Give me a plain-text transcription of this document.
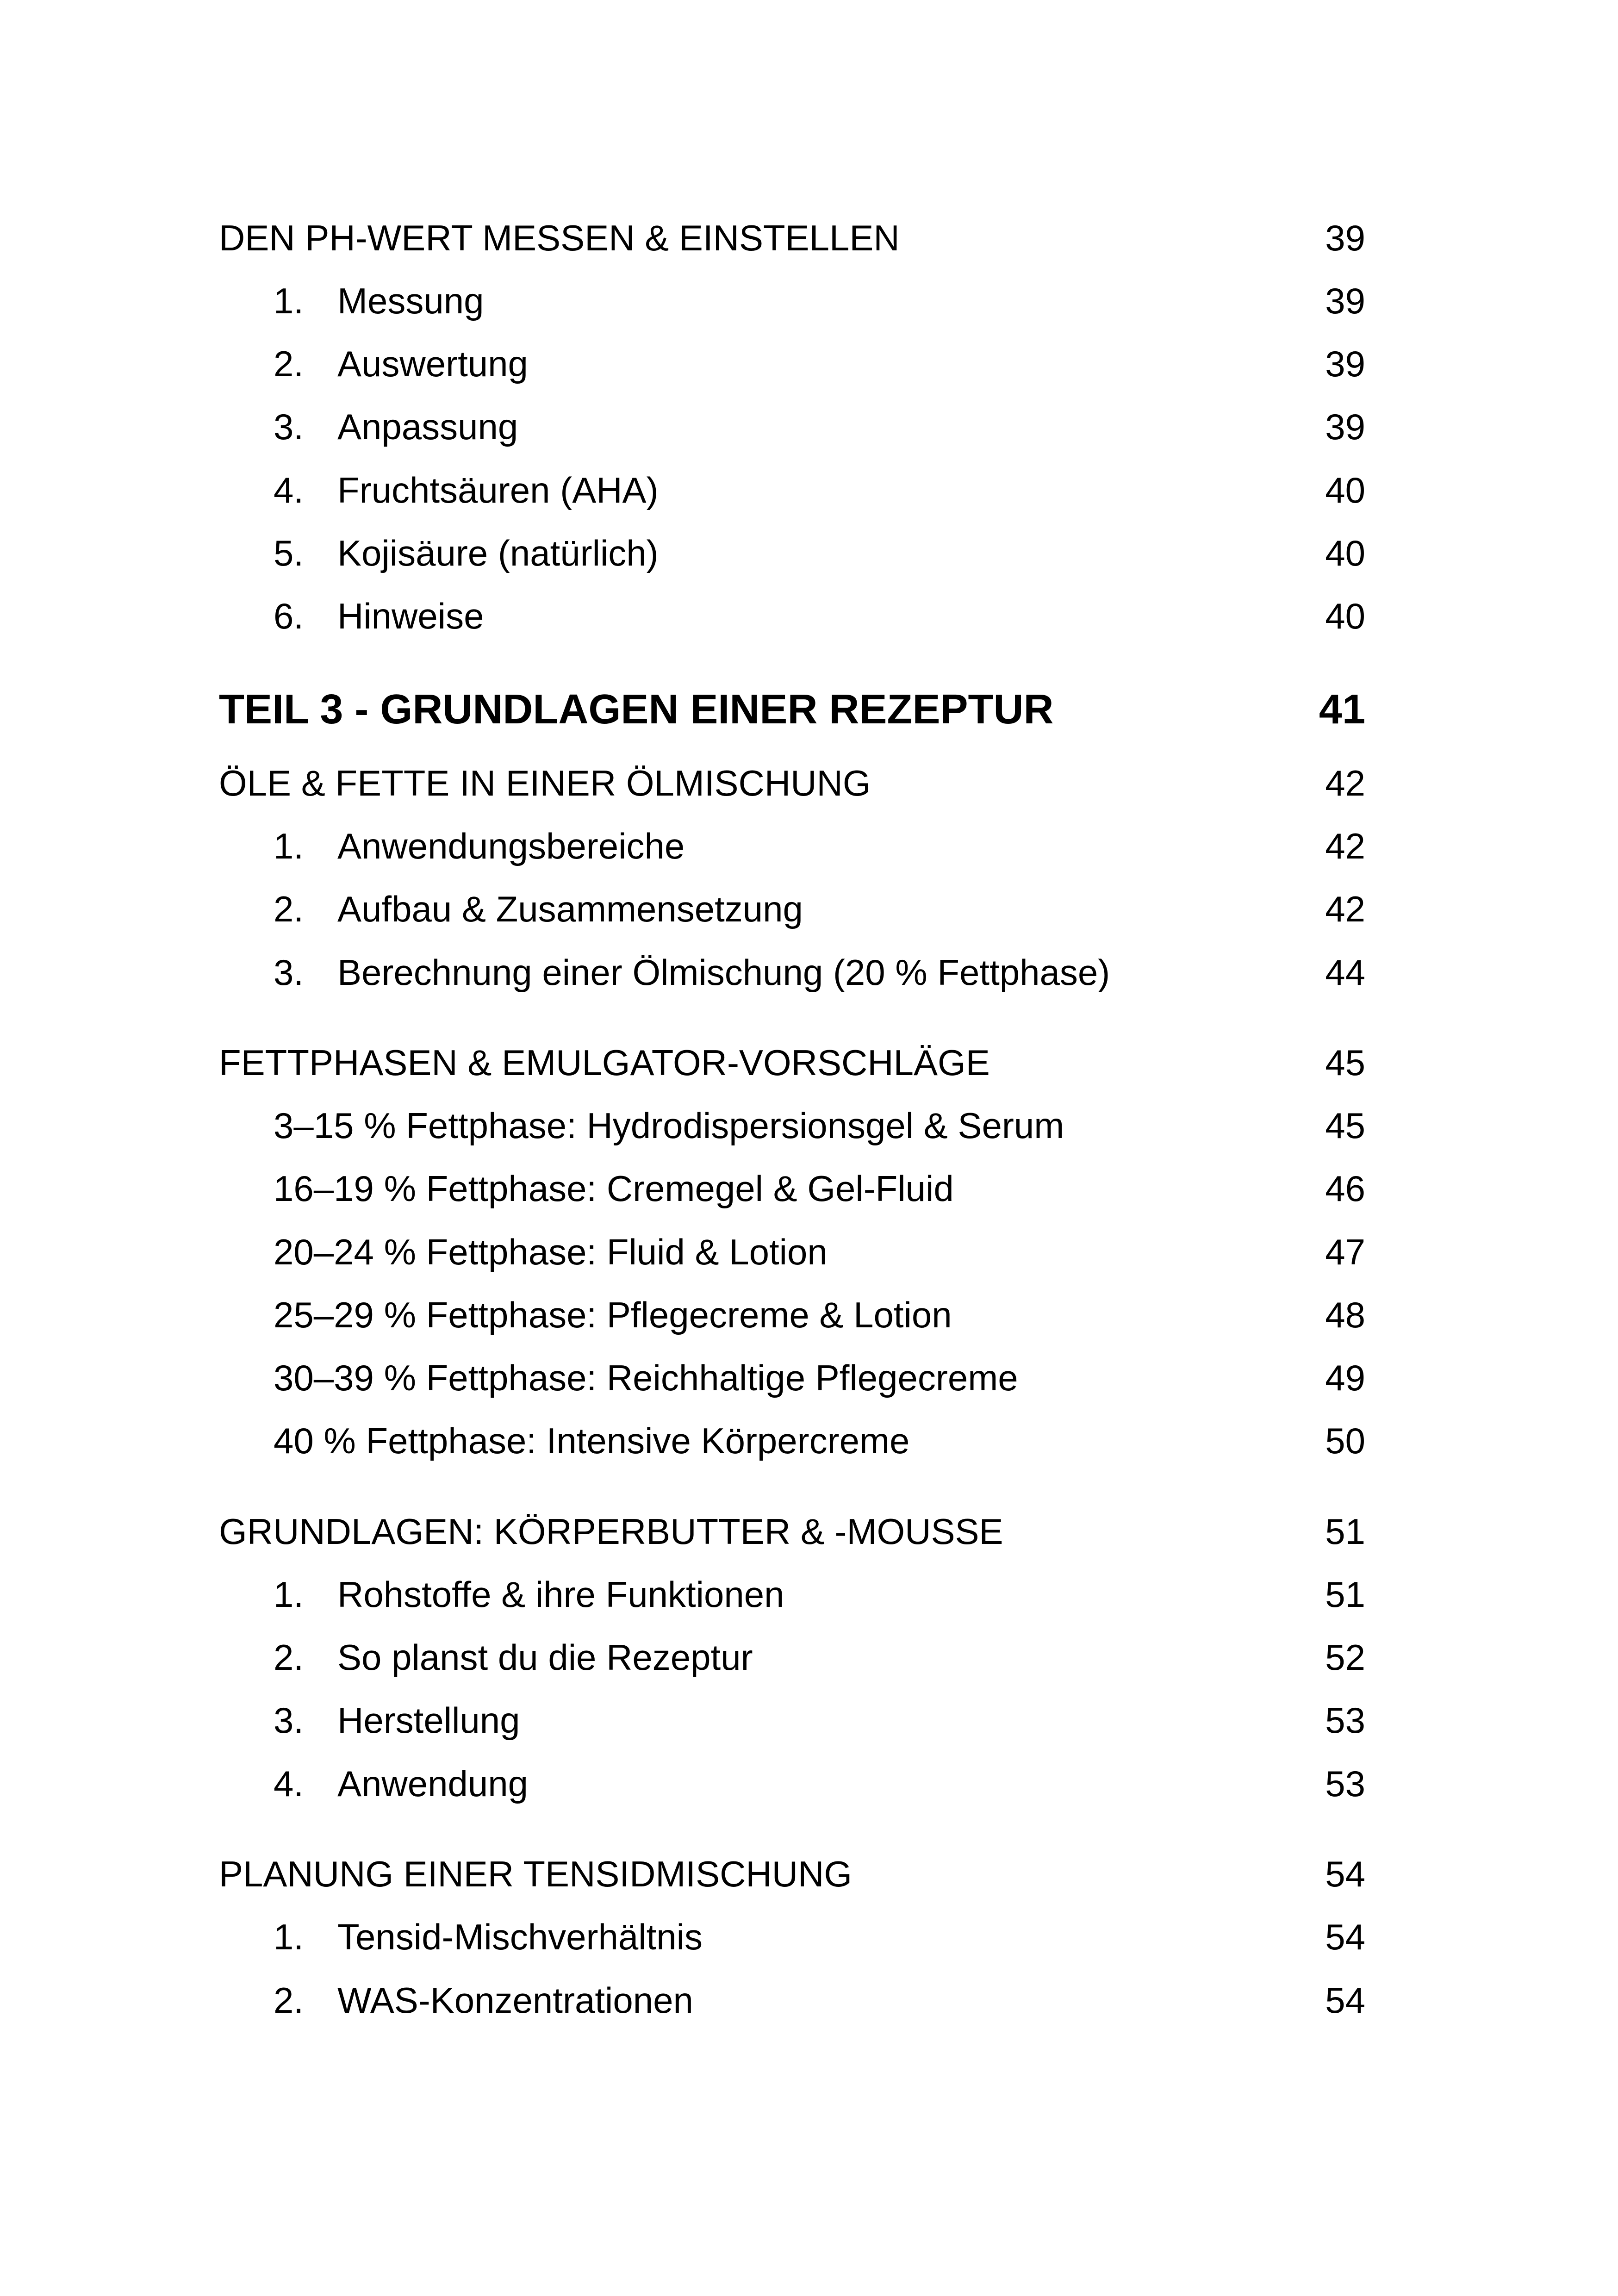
DEN PH-WERT MESSEN & EINSTELLEN	39
1. Messung	39
2. Auswertung	39
3. Anpassung	39
4. Fruchtsäuren (AHA)	40
5. Kojisäure (natürlich)	40
6. Hinweise	40
TEIL 3 - GRUNDLAGEN EINER REZEPTUR	41
ÖLE & FETTE IN EINER ÖLMISCHUNG	42
1. Anwendungsbereiche	42
2. Aufbau & Zusammensetzung	42
3. Berechnung einer Ölmischung (20 % Fettphase)	44
FETTPHASEN & EMULGATOR-VORSCHLÄGE	45
3–15 % Fettphase: Hydrodispersionsgel & Serum	45
16–19 % Fettphase: Cremegel & Gel-Fluid	46
20–24 % Fettphase: Fluid & Lotion	47
25–29 % Fettphase: Pflegecreme & Lotion	48
30–39 % Fettphase: Reichhaltige Pflegecreme	49
40 % Fettphase: Intensive Körpercreme	50
GRUNDLAGEN: KÖRPERBUTTER & -MOUSSE	51
1. Rohstoffe & ihre Funktionen	51
2. So planst du die Rezeptur	52
3. Herstellung	53
4. Anwendung	53
PLANUNG EINER TENSIDMISCHUNG	54
1. Tensid-Mischverhältnis	54
2. WAS-Konzentrationen	54
